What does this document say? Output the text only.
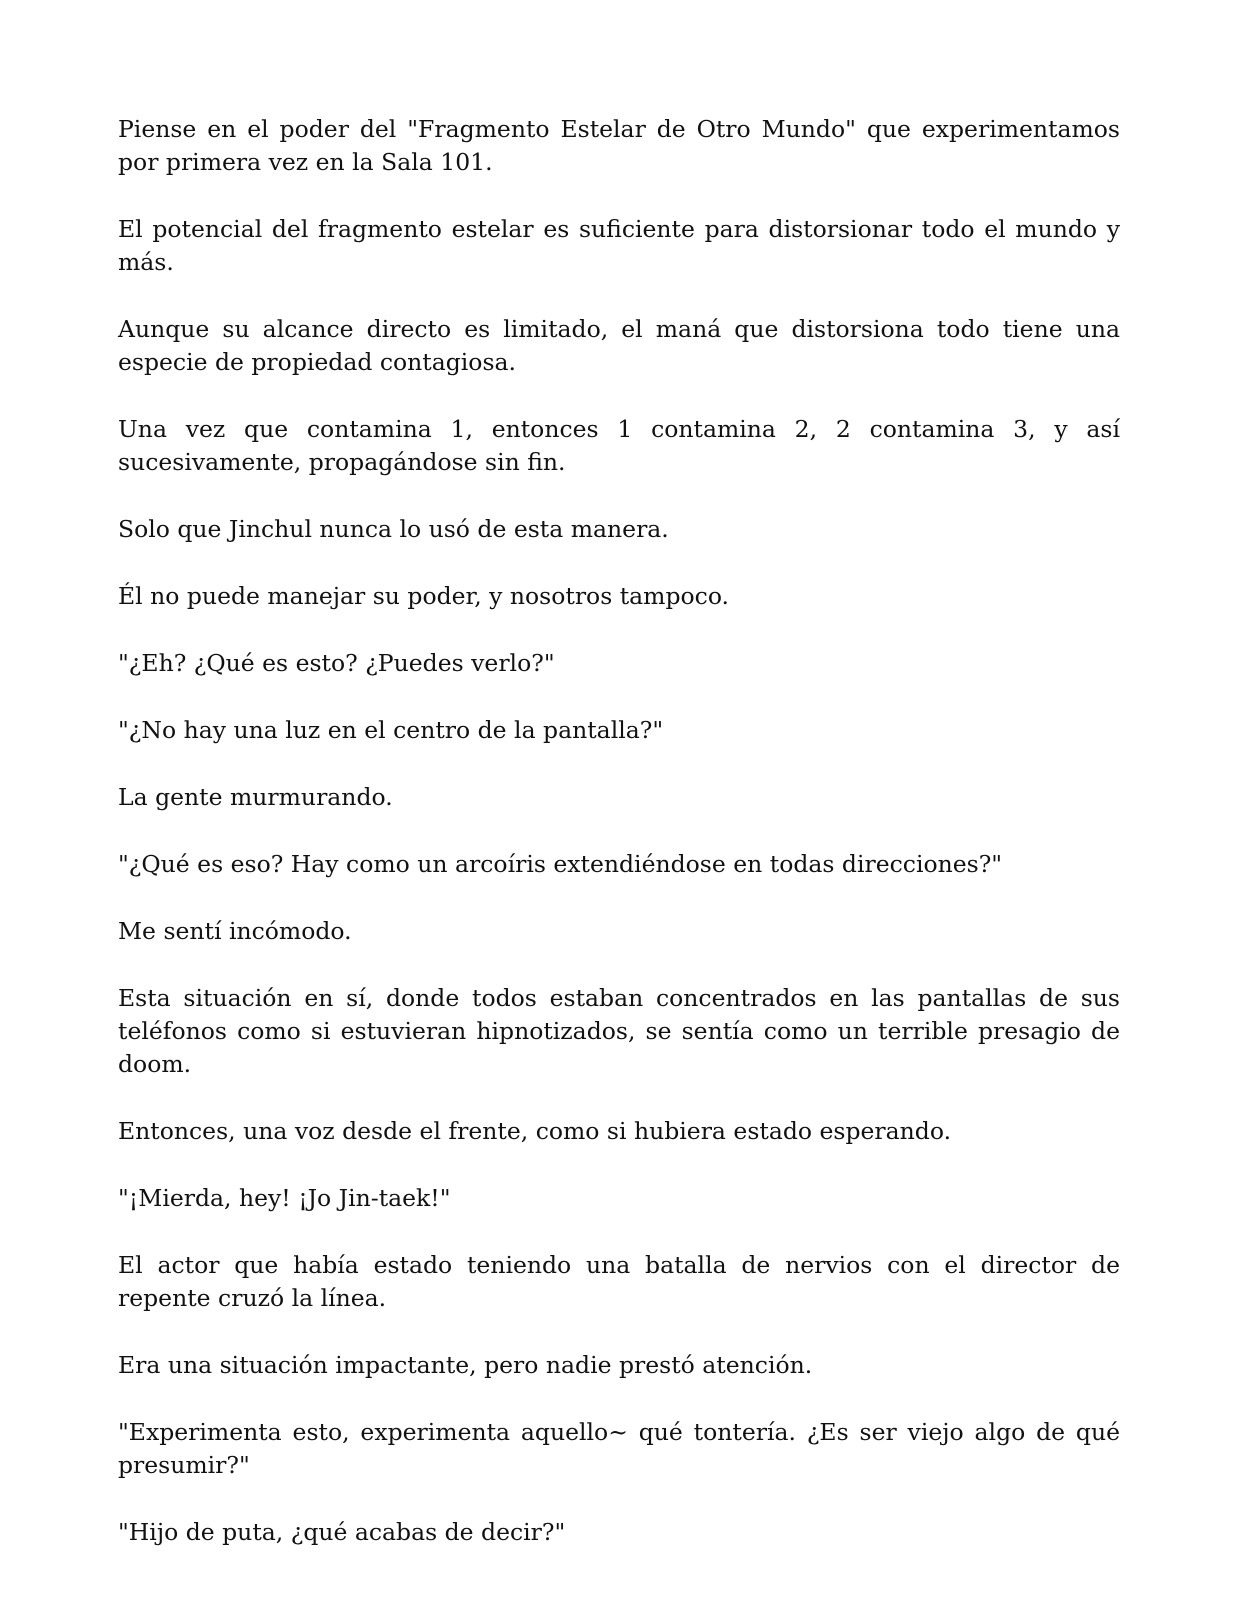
Piense en el poder del "Fragmento Estelar de Otro Mundo" que experimentamos por primera vez en la Sala 101.

El potencial del fragmento estelar es suficiente para distorsionar todo el mundo y más.

Aunque su alcance directo es limitado, el maná que distorsiona todo tiene una especie de propiedad contagiosa.

Una vez que contamina 1, entonces 1 contamina 2, 2 contamina 3, y así sucesivamente, propagándose sin fin.

Solo que Jinchul nunca lo usó de esta manera.

Él no puede manejar su poder, y nosotros tampoco.

"¿Eh? ¿Qué es esto? ¿Puedes verlo?"

"¿No hay una luz en el centro de la pantalla?"

La gente murmurando.

"¿Qué es eso? Hay como un arcoíris extendiéndose en todas direcciones?"

Me sentí incómodo.

Esta situación en sí, donde todos estaban concentrados en las pantallas de sus teléfonos como si estuvieran hipnotizados, se sentía como un terrible presagio de doom.

Entonces, una voz desde el frente, como si hubiera estado esperando.

"¡Mierda, hey! ¡Jo Jin-taek!"

El actor que había estado teniendo una batalla de nervios con el director de repente cruzó la línea.

Era una situación impactante, pero nadie prestó atención.

"Experimenta esto, experimenta aquello~ qué tontería. ¿Es ser viejo algo de qué presumir?"

"Hijo de puta, ¿qué acabas de decir?"
